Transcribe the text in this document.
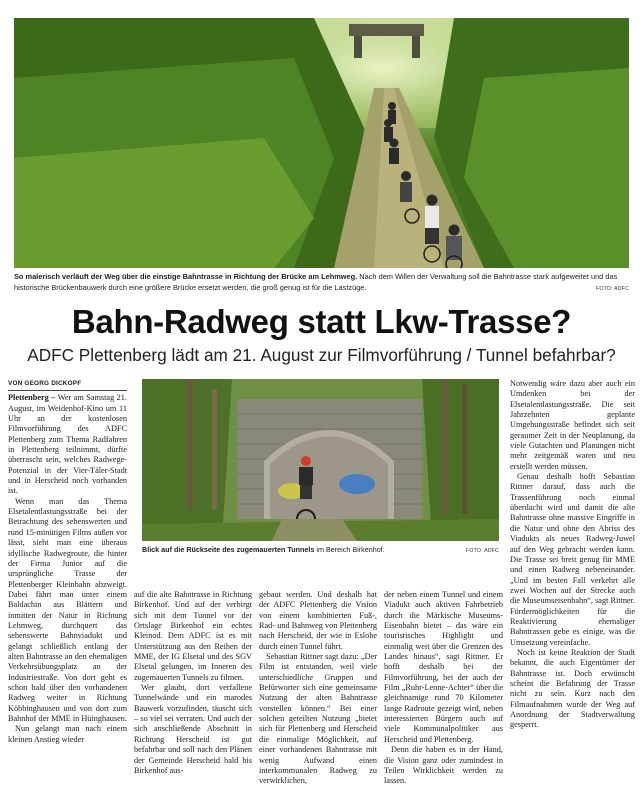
So malerisch verläuft der Weg über die einstige Bahntrasse in Richtung der Brücke am Lehmweg. Nach dem Willen der Verwaltung soll die Bahntrasse stark aufgeweitet und das historische Brückenbauwerk durch eine größere Brücke ersetzt werden, die groß genug ist für die Lastzüge.	FOTO: ADFC
Bahn-Radweg statt Lkw-Trasse?
ADFC Plettenberg lädt am 21. August zur Filmvorführung / Tunnel befahrbar?
VON GEORG DICKOPF

Plettenberg – Wer am Samstag 21. August, im Weidenhof-Kino um 11 Uhr an der kostenlosen Filmvorführung des ADFC Plettenberg zum Thema Radfahren in Plettenberg teilnimmt, dürfte überrascht sein, welches Radwege-Potenzial in der Vier-Täler-Stadt und in Herscheid noch vorhanden ist.

Wenn man das Thema Elsetalentlastungsstraße bei der Betrachtung des sehenswerten und rund 15-minütigen Films außen vor lässt, sieht man eine überaus idyllische Radwegroute, die hinter der Firma Junior auf die ursprüngliche Trasse der Plettenberger Kleinbahn abzweigt. Dabei fährt man unter einem Baldachin aus Blättern und inmitten der Natur in Richtung Lehmweg, durchquert das sehenswerte Bahnviadukt und gelangt schließlich entlang der alten Bahntrasse an den ehemaligen Verkehrsübungsplatz an der Industriestraße. Von dort geht es schon bald über den vorhandenen Radweg weiter in Richtung Köbbinghausen und von dort zum Bahnhof der MME in Hüinghausen.

Nun gelangt man nach einem kleinen Anstieg wieder

Blick auf die Rückseite des zugemauerten Tunnels im Bereich Birkenhof.	FOTO: ADFC

auf die alte Bahntrasse in Richtung Birkenhof. Und auf der verbirgt sich mit dem Tunnel vor der Ortslage Birkenhof ein echtes Kleinod. Dem ADFC ist es mit Unterstützung aus den Reihen der MME, der IG Elsetal und des SGV Elsetal gelungen, im Inneren des zugemauerten Tunnels zu filmen.

Wer glaubt, dort verfallene Tunnelwände und ein marodes Bauwerk vorzufinden, täuscht sich – so viel sei verraten. Und auch der sich anschließende Abschnitt in Richtung Herscheid ist gut befahrbar und soll nach den Plänen der Gemeinde Herscheid bald bis Birkenhof aus-

gebaut werden. Und deshalb hat der ADFC Plettenberg die Vision von einem kombinierten Fuß-, Rad- und Bahnweg von Plettenberg nach Herscheid, der wie in Eslohe durch einen Tunnel führt.

Sebastian Rittner sagt dazu: „Der Film ist entstanden, weil viele unterschiedliche Gruppen und Befürworter sich eine gemeinsame Nutzung der alten Bahntrasse vorstellen können.“ Bei einer solchen geteilten Nutzung „bietet sich für Plettenberg und Herscheid die einmalige Möglichkeit, auf einer vorhandenen Bahntrasse mit wenig Aufwand einen interkommunalen Radweg zu verwirklichen,

der neben einem Tunnel und einem Viadukt auch aktiven Fahrbetrieb durch die Märkische Museums-Eisenbahn bietet – das wäre ein touristisches Highlight und einmalig weit über die Grenzen des Landes hinaus“, sagt Rittner. Er hofft deshalb bei der Filmvorführung, bei der auch der Film „Ruhr-Lenne-Achter“ über die gleichnamige rund 70 Kilometer lange Radroute gezeigt wird, neben interessierten Bürgern auch auf viele Kommunalpolitiker aus Herscheid und Plettenberg.

Denn die haben es in der Hand, die Vision ganz oder zumindest in Teilen Wirklichkeit werden zu lassen.

Notwendig wäre dazu aber auch ein Umdenken bei der Elsetalentlastungsstraße. Die seit Jahrzehnten geplante Umgehungsstraße befindet sich seit geraumer Zeit in der Neuplanung, da viele Gutachten und Planungen nicht mehr zeitgemäß waren und neu erstellt werden müssen.

Genau deshalb hofft Sebastian Rittner darauf, dass auch die Trassenführung noch einmal überdacht wird und damit die alte Bahntrasse ohne massive Eingriffe in die Natur und ohne den Abriss des Viadukts als neues Radweg-Juwel auf den Weg gebracht werden kann. Die Trasse sei breit genug für MME und einen Radweg nebeneinander. „Und im besten Fall verkehrt alle zwei Wochen auf der Strecke auch die Museumseisenbahn“, sagt Rittner. Fördermöglichkeiten für die Reaktivierung ehemaliger Bahntrassen gebe es einige, was die Umsetzung vereinfache.

Noch ist keine Reaktion der Stadt bekannt, die auch Eigentümer der Bahntrasse ist. Doch erwünscht scheint die Befahrung der Trasse nicht zu sein. Kurz nach den Filmaufnahmen wurde der Weg auf Anordnung der Stadtverwaltung gesperrt.
